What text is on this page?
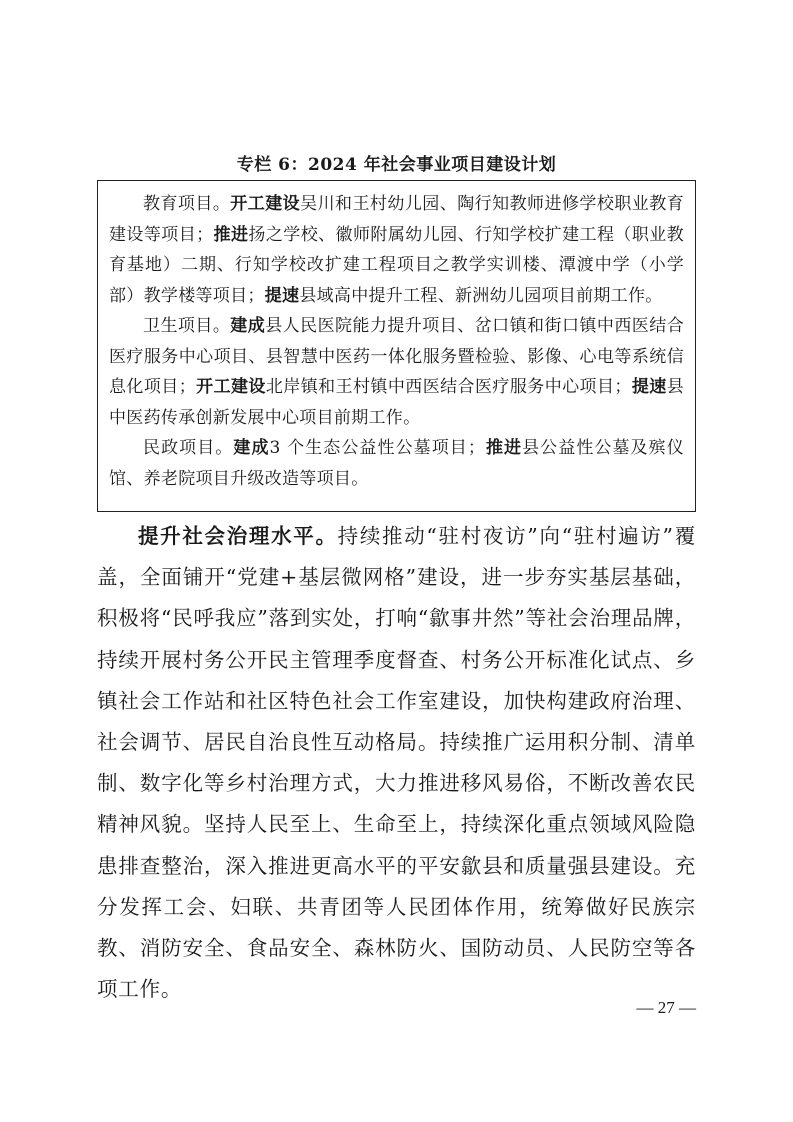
专栏 6：2024 年社会事业项目建设计划

教育项目。开工建设吴川和王村幼儿园、陶行知教师进修学校职业教育建设等项目；推进扬之学校、徽师附属幼儿园、行知学校扩建工程（职业教育基地）二期、行知学校改扩建工程项目之教学实训楼、潭渡中学（小学部）教学楼等项目；提速县域高中提升工程、新洲幼儿园项目前期工作。

卫生项目。建成县人民医院能力提升项目、岔口镇和街口镇中西医结合医疗服务中心项目、县智慧中医药一体化服务暨检验、影像、心电等系统信息化项目；开工建设北岸镇和王村镇中西医结合医疗服务中心项目；提速县中医药传承创新发展中心项目前期工作。

民政项目。建成3 个生态公益性公墓项目；推进县公益性公墓及殡仪馆、养老院项目升级改造等项目。

提升社会治理水平。持续推动“驻村夜访”向“驻村遍访”覆盖，全面铺开“党建+基层微网格”建设，进一步夯实基层基础，积极将“民呼我应”落到实处，打响“歙事井然”等社会治理品牌，持续开展村务公开民主管理季度督查、村务公开标准化试点、乡镇社会工作站和社区特色社会工作室建设，加快构建政府治理、社会调节、居民自治良性互动格局。持续推广运用积分制、清单制、数字化等乡村治理方式，大力推进移风易俗，不断改善农民精神风貌。坚持人民至上、生命至上，持续深化重点领域风险隐患排查整治，深入推进更高水平的平安歙县和质量强县建设。充分发挥工会、妇联、共青团等人民团体作用，统筹做好民族宗教、消防安全、食品安全、森林防火、国防动员、人民防空等各项工作。

— 27 —
